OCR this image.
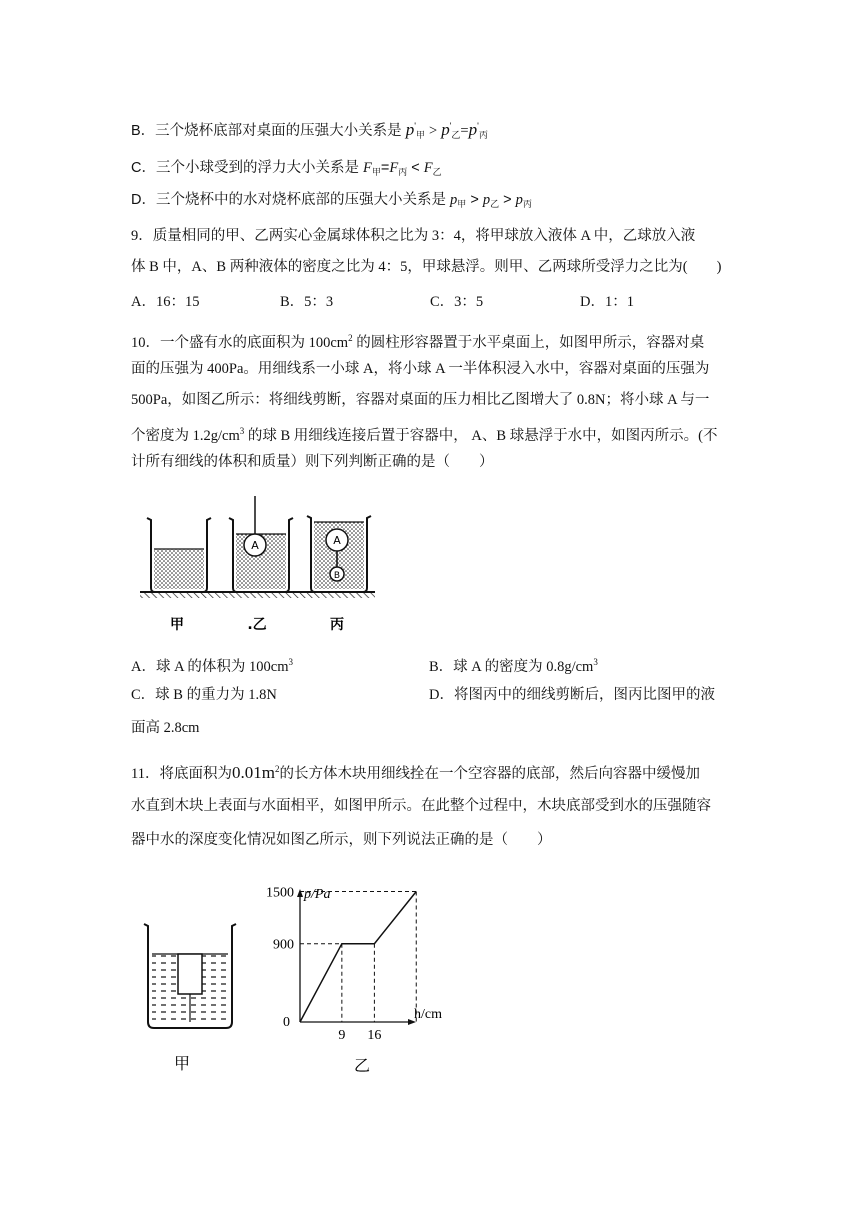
B．三个烧杯底部对桌面的压强大小关系是 $p'_甲 > p'_乙=p'_丙$
C．三个小球受到的浮力大小关系是 $F_甲=F_丙 < F_乙$
D．三个烧杯中的水对烧杯底部的压强大小关系是 $p_甲 > p_乙 > p_丙$
9．质量相同的甲、乙两实心金属球体积之比为 3：4，将甲球放入液体 A 中，乙球放入液
体 B 中，A、B 两种液体的密度之比为 4：5，甲球悬浮。则甲、乙两球所受浮力之比为(　　)
A．16：15	B．5：3	C．3：5	D．1：1
10．一个盛有水的底面积为 $100cm^2$ 的圆柱形容器置于水平桌面上，如图甲所示，容器对桌
面的压强为 400Pa。用细线系一小球 A，将小球 A 一半体积浸入水中，容器对桌面的压强为
500Pa，如图乙所示：将细线剪断，容器对桌面的压力相比乙图增大了 0.8N；将小球 A 与一
个密度为 $1.2g/cm^3$ 的球 B 用细线连接后置于容器中， A、B 球悬浮于水中，如图丙所示。(不
计所有细线的体积和质量）则下列判断正确的是（　　）
A	A
B
甲	.乙	丙
A．球 A 的体积为 $100cm^3$	B．球 A 的密度为 $0.8g/cm^3$
C．球 B 的重力为 1.8N	D．将图丙中的细线剪断后，图丙比图甲的液
面高 2.8cm
11．将底面积为$0.01m^2$的长方体木块用细线拴在一个空容器的底部，然后向容器中缓慢加
水直到木块上表面与水面相平，如图甲所示。在此整个过程中，木块底部受到水的压强随容
器中水的深度变化情况如图乙所示，则下列说法正确的是（　　）
甲
p/Pa
h/cm
1500
900
0
9 16
乙
